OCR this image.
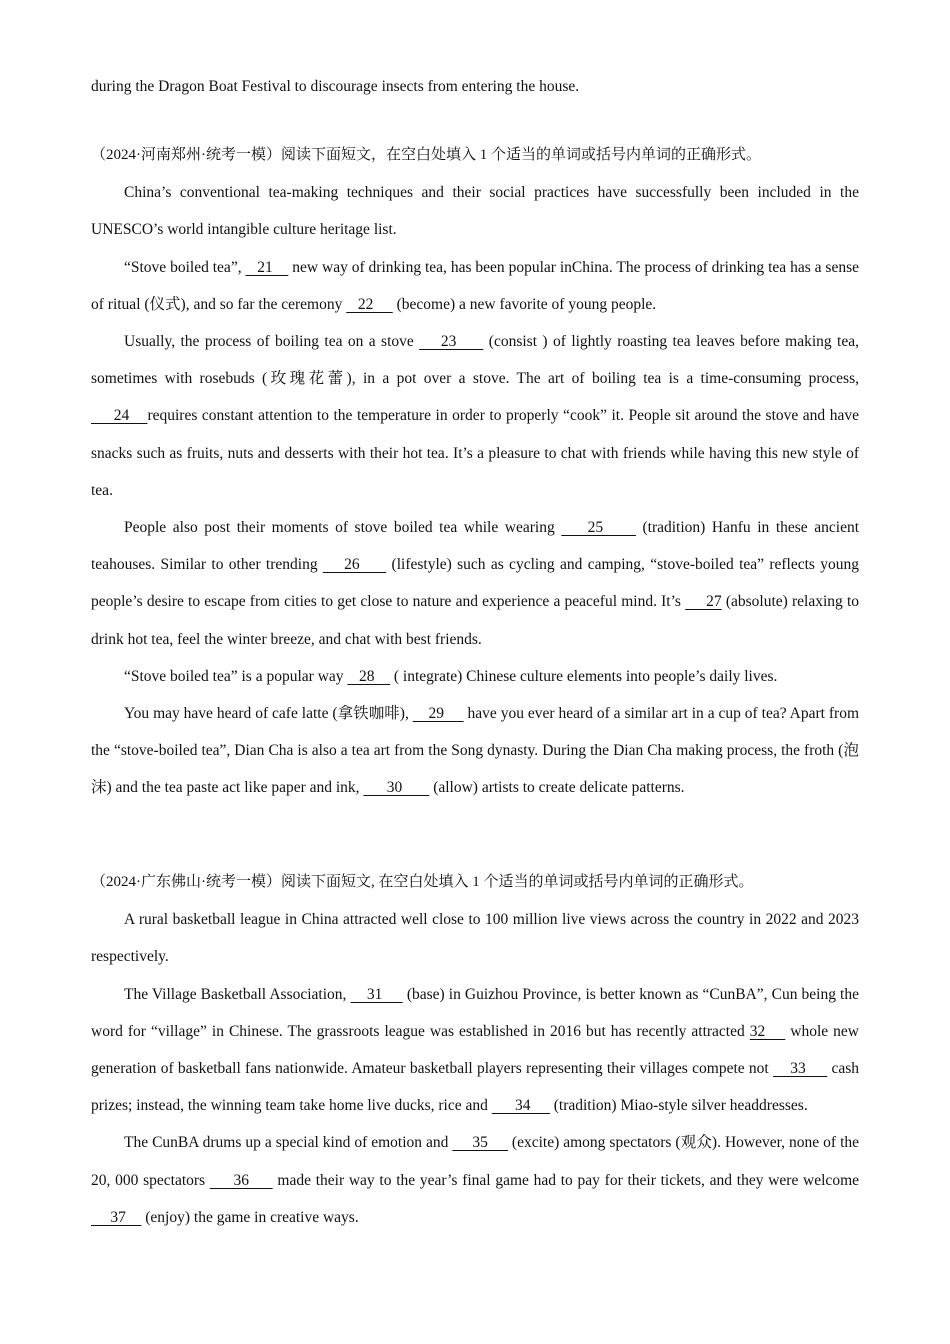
during the Dragon Boat Festival to discourage insects from entering the house.

（2024·河南郑州·统考一模）阅读下面短文，在空白处填入 1 个适当的单词或括号内单词的正确形式。

China’s conventional tea-making techniques and their social practices have successfully been included in the UNESCO’s world intangible culture heritage list.

“Stove boiled tea”,    21     new way of drinking tea, has been popular inChina. The process of drinking tea has a sense of ritual (仪式), and so far the ceremony    22      (become) a new favorite of young people.

Usually, the process of boiling tea on a stove     23      (consist ) of lightly roasting tea leaves before making tea, sometimes with rosebuds (玫瑰花蕾), in a pot over a stove. The art of boiling tea is a time-consuming process,     24    requires constant attention to the temperature in order to properly “cook” it. People sit around the stove and have snacks such as fruits, nuts and desserts with their hot tea. It’s a pleasure to chat with friends while having this new style of tea.

People also post their moments of stove boiled tea while wearing     25      (tradition) Hanfu in these ancient teahouses. Similar to other trending     26      (lifestyle) such as cycling and camping, “stove-boiled tea” reflects young people’s desire to escape from cities to get close to nature and experience a peaceful mind. It’s      27 (absolute) relaxing to drink hot tea, feel the winter breeze, and chat with best friends.

“Stove boiled tea” is a popular way    28     ( integrate) Chinese culture elements into people’s daily lives.

You may have heard of cafe latte (拿铁咖啡),     29      have you ever heard of a similar art in a cup of tea? Apart from the “stove-boiled tea”, Dian Cha is also a tea art from the Song dynasty. During the Dian Cha making process, the froth (泡沫) and the tea paste act like paper and ink,       30        (allow) artists to create delicate patterns.

（2024·广东佛山·统考一模）阅读下面短文, 在空白处填入 1 个适当的单词或括号内单词的正确形式。

A rural basketball league in China attracted well close to 100 million live views across the country in 2022 and 2023 respectively.

The Village Basketball Association,     31      (base) in Guizhou Province, is better known as “CunBA”, Cun being the word for “village” in Chinese. The grassroots league was established in 2016 but has recently attracted 32     whole new generation of basketball fans nationwide. Amateur basketball players representing their villages compete not     33      cash prizes; instead, the winning team take home live ducks, rice and       34      (tradition) Miao-style silver headdresses.

The CunBA drums up a special kind of emotion and      35      (excite) among spectators (观众). However, none of the 20, 000 spectators      36      made their way to the year’s final game had to pay for their tickets, and they were welcome      37     (enjoy) the game in creative ways.
